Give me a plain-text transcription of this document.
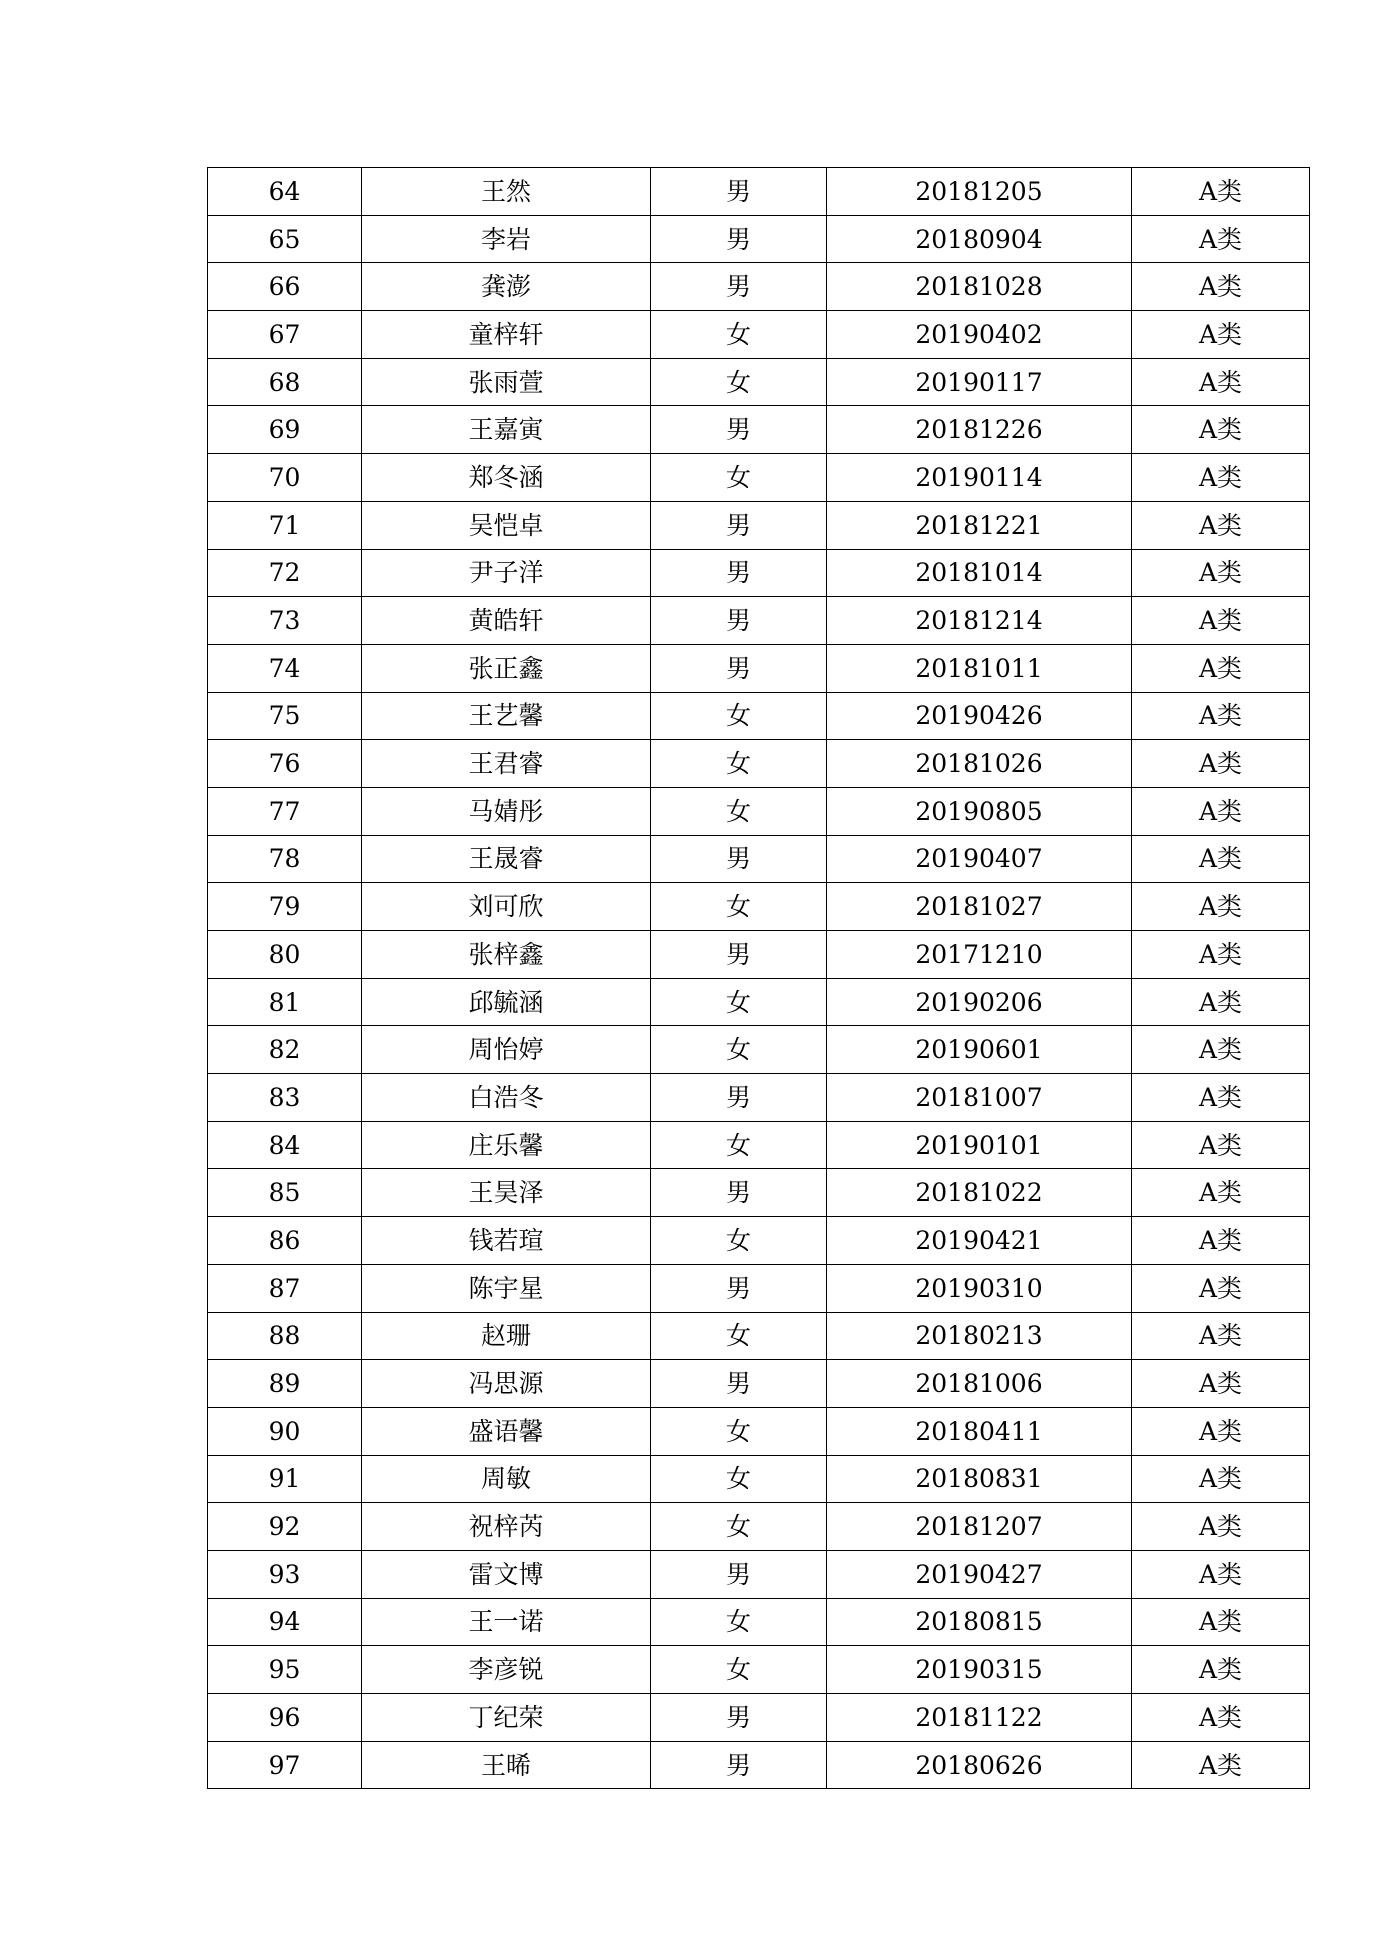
64	王然	男	20181205	A类
65	李岩	男	20180904	A类
66	龚澎	男	20181028	A类
67	童梓轩	女	20190402	A类
68	张雨萱	女	20190117	A类
69	王嘉寅	男	20181226	A类
70	郑冬涵	女	20190114	A类
71	吴恺卓	男	20181221	A类
72	尹子洋	男	20181014	A类
73	黄皓轩	男	20181214	A类
74	张正鑫	男	20181011	A类
75	王艺馨	女	20190426	A类
76	王君睿	女	20181026	A类
77	马婧彤	女	20190805	A类
78	王晟睿	男	20190407	A类
79	刘可欣	女	20181027	A类
80	张梓鑫	男	20171210	A类
81	邱毓涵	女	20190206	A类
82	周怡婷	女	20190601	A类
83	白浩冬	男	20181007	A类
84	庄乐馨	女	20190101	A类
85	王昊泽	男	20181022	A类
86	钱若瑄	女	20190421	A类
87	陈宇星	男	20190310	A类
88	赵珊	女	20180213	A类
89	冯思源	男	20181006	A类
90	盛语馨	女	20180411	A类
91	周敏	女	20180831	A类
92	祝梓芮	女	20181207	A类
93	雷文博	男	20190427	A类
94	王一诺	女	20180815	A类
95	李彦锐	女	20190315	A类
96	丁纪荣	男	20181122	A类
97	王晞	男	20180626	A类
